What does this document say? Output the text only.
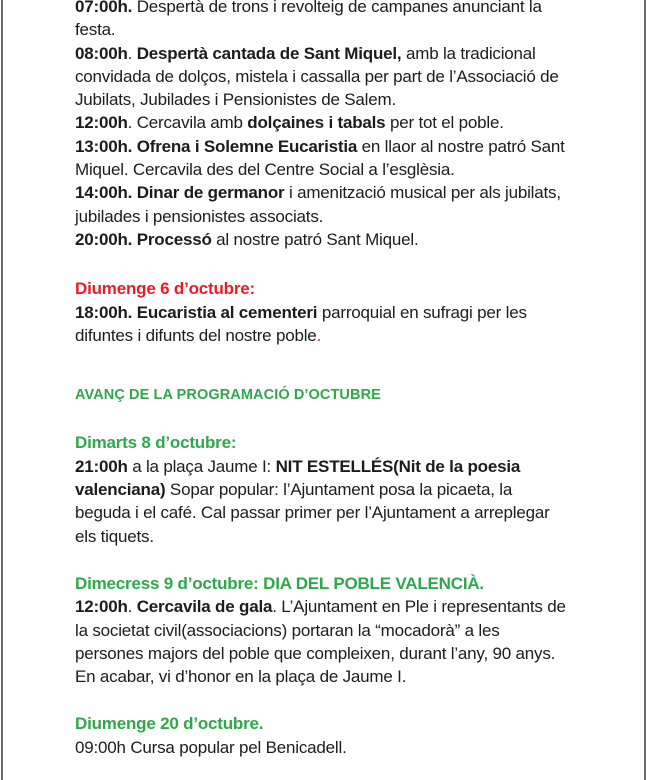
07:00h. Despertà de trons i revolteig de campanes anunciant la

festa.

08:00h. Despertà cantada de Sant Miquel, amb la tradicional

convidada de dolços, mistela i cassalla per part de l’Associació de

Jubilats, Jubilades i Pensionistes de Salem.

12:00h. Cercavila amb dolçaines i tabals per tot el poble.

13:00h. Ofrena i Solemne Eucaristia en llaor al nostre patró Sant

Miquel. Cercavila des del Centre Social a l’esglèsia.

14:00h. Dinar de germanor i amenització musical per als jubilats,

jubilades i pensionistes associats.

20:00h. Processó al nostre patró Sant Miquel.

Diumenge 6 d’octubre:

18:00h. Eucaristia al cementeri parroquial en sufragi per les

difuntes i difunts del nostre poble.

AVANÇ DE LA PROGRAMACIÓ D’OCTUBRE

Dimarts 8 d’octubre:

21:00h a la plaça Jaume I: NIT ESTELLÉS(Nit de la poesia

valenciana) Sopar popular: l’Ajuntament posa la picaeta, la

beguda i el café. Cal passar primer per l’Ajuntament a arreplegar

els tiquets.

Dimecress 9 d’octubre: DIA DEL POBLE VALENCIÀ.

12:00h. Cercavila de gala. L’Ajuntament en Ple i representants de

la societat civil(associacions) portaran la “mocadorà” a les

persones majors del poble que compleixen, durant l’any, 90 anys.

En acabar, vi d’honor en la plaça de Jaume I.

Diumenge 20 d’octubre.

09:00h Cursa popular pel Benicadell.
